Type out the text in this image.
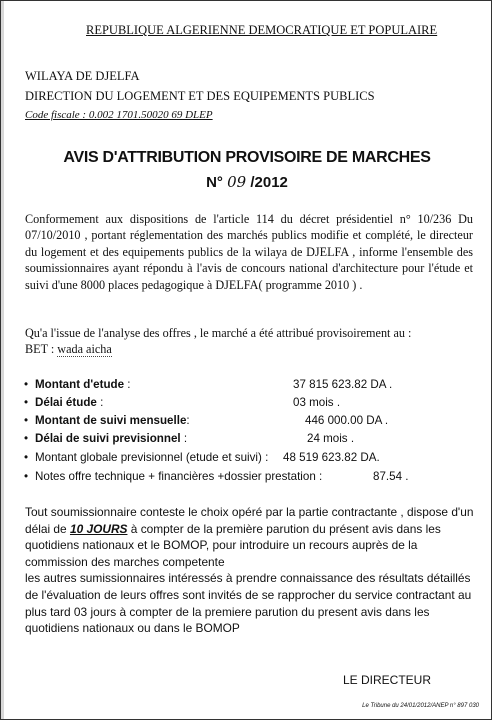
REPUBLIQUE ALGERIENNE DEMOCRATIQUE ET POPULAIRE
WILAYA DE DJELFA
DIRECTION DU LOGEMENT ET DES EQUIPEMENTS PUBLICS
Code fiscale : 0.002 1701.50020 69 DLEP
AVIS D'ATTRIBUTION PROVISOIRE DE MARCHES
N° 09 /2012
Conformement aux dispositions de l'article 114 du décret présidentiel n° 10/236 Du 07/10/2010 , portant réglementation des marchés publics modifie et complété, le directeur du logement et des equipements publics de la wilaya de DJELFA , informe l'ensemble des soumissionnaires ayant répondu à l'avis de concours national d'architecture pour l'étude et suivi d'une 8000 places pedagogique à DJELFA( programme 2010 ) .
Qu'a l'issue de l'analyse des offres , le marché a été attribué provisoirement au :
BET : wada aicha
• Montant d'etude :	37 815 623.82 DA .
• Délai étude :	03 mois .
• Montant de suivi mensuelle:	446 000.00 DA .
• Délai de suivi previsionnel :	24 mois .
• Montant globale previsionnel (etude et suivi) : 48 519 623.82 DA.
• Notes offre technique + financières +dossier prestation :	87.54 .
Tout soumissionnaire conteste le choix opéré par la partie contractante , dispose d'un délai de 10 JOURS à compter de la première parution du présent avis dans les quotidiens nationaux et le BOMOP, pour introduire un recours auprès de la commission des marches competente
les autres sumissionnaires intéressés à prendre connaissance des résultats détaillés de l'évaluation de leurs offres sont invités de se rapprocher du service contractant au plus tard 03 jours à compter de la premiere parution du present avis dans les quotidiens nationaux ou dans le BOMOP
LE DIRECTEUR
Le Tribune du 24/01/2012/ANEP n° 897 030
